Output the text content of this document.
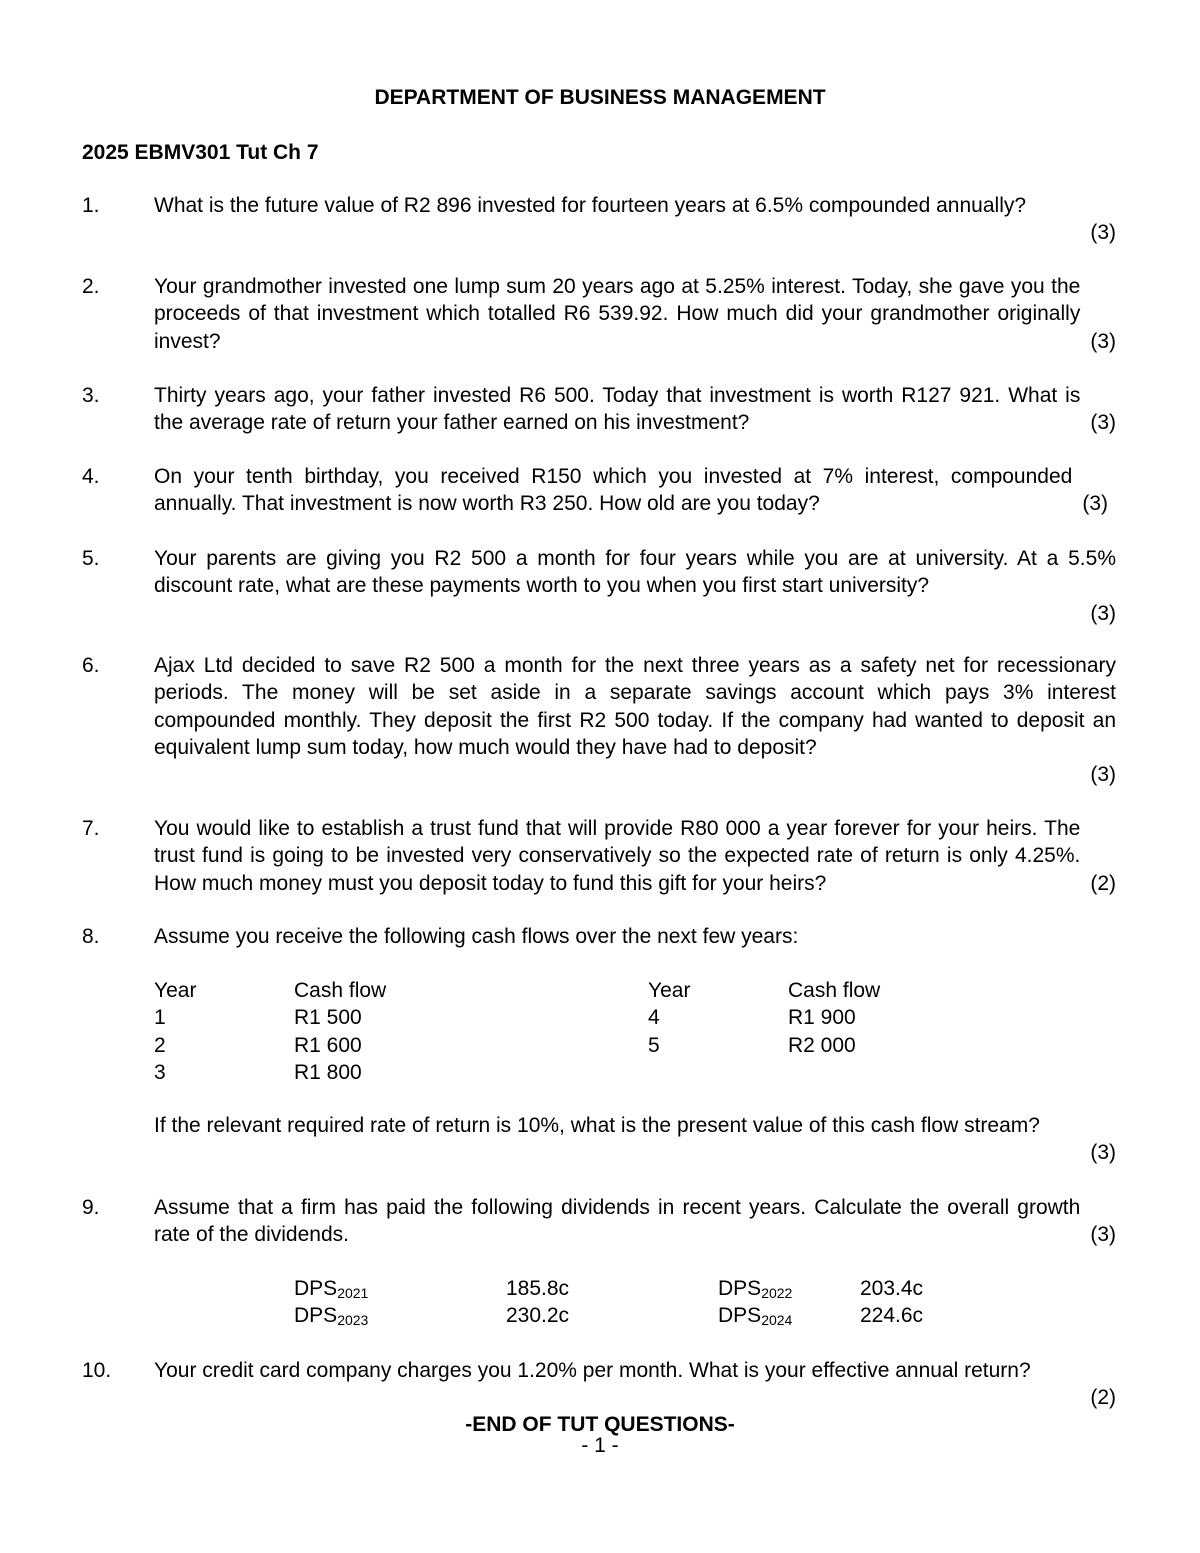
DEPARTMENT OF BUSINESS MANAGEMENT
2025 EBMV301 Tut Ch 7
1.	What is the future value of R2 896 invested for fourteen years at 6.5% compounded annually?
(3)
2.
(3)
Your grandmother invested one lump sum 20 years ago at 5.25% interest. Today, she gave you the proceeds of that investment which totalled R6 539.92. How much did your grandmother originally invest?
3.
(3)
Thirty years ago, your father invested R6 500. Today that investment is worth R127 921. What is the average rate of return your father earned on his investment?
4.
(3)
On your tenth birthday, you received R150 which you invested at 7% interest, compounded annually. That investment is now worth R3 250. How old are you today?
5.	Your parents are giving you R2 500 a month for four years while you are at university. At a 5.5% discount rate, what are these payments worth to you when you first start university?
(3)
6.	Ajax Ltd decided to save R2 500 a month for the next three years as a safety net for recessionary periods. The money will be set aside in a separate savings account which pays 3% interest compounded monthly. They deposit the first R2 500 today. If the company had wanted to deposit an equivalent lump sum today, how much would they have had to deposit?
(3)
7.
(2)
You would like to establish a trust fund that will provide R80 000 a year forever for your heirs. The trust fund is going to be invested very conservatively so the expected rate of return is only 4.25%. How much money must you deposit today to fund this gift for your heirs?
8.	Assume you receive the following cash flows over the next few years:
Year	Cash flow	Year	Cash flow
1	R1 500	4	R1 900
2	R1 600	5	R2 000
3	R1 800
(3)
If the relevant required rate of return is 10%, what is the present value of this cash flow stream?
9.
(3)
Assume that a firm has paid the following dividends in recent years. Calculate the overall growth rate of the dividends.
$DPS_{2021}$	185.8c	$DPS_{2022}$	203.4c
$DPS_{2023}$	230.2c	$DPS_{2024}$	224.6c
10. Your credit card company charges you 1.20% per month. What is your effective annual return?
(2)
-END OF TUT QUESTIONS-
- 1 -
